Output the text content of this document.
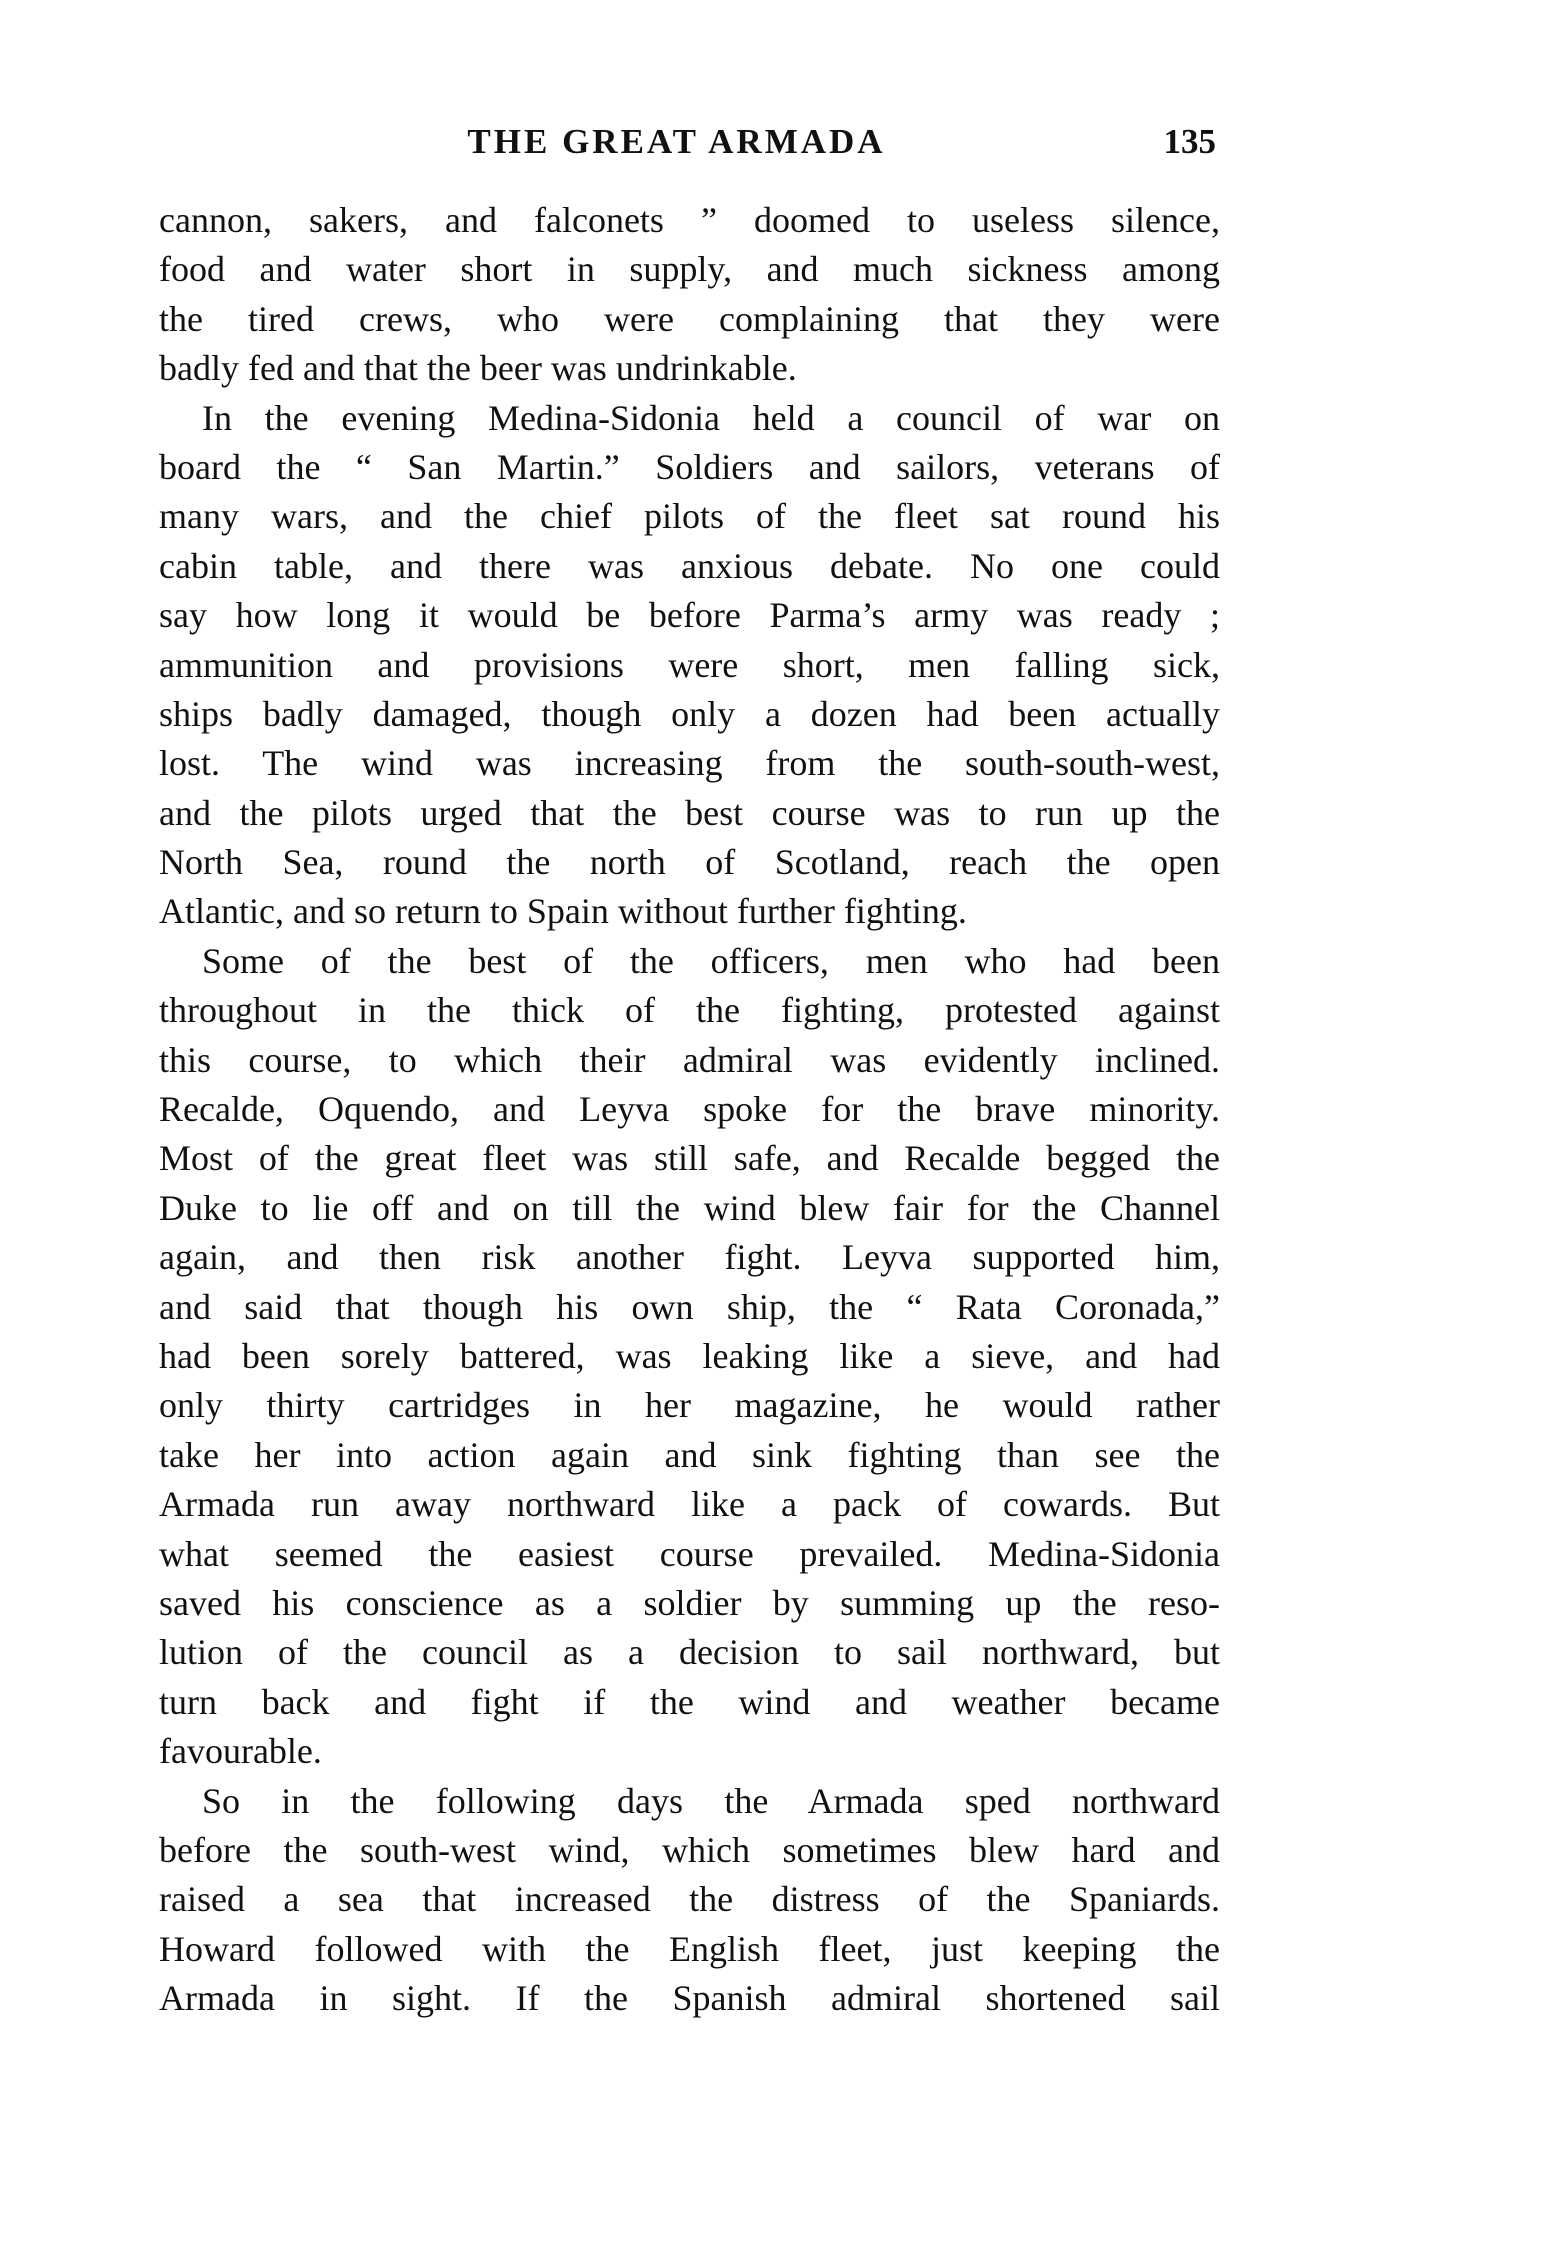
THE GREAT ARMADA	135
cannon, sakers, and falconets ” doomed to useless silence,
food and water short in supply, and much sickness among
the tired crews, who were complaining that they were
badly fed and that the beer was undrinkable.
In the evening Medina-Sidonia held a council of war on
board the “ San Martin.” Soldiers and sailors, veterans of
many wars, and the chief pilots of the fleet sat round his
cabin table, and there was anxious debate. No one could
say how long it would be before Parma’s army was ready ;
ammunition and provisions were short, men falling sick,
ships badly damaged, though only a dozen had been actually
lost. The wind was increasing from the south-south-west,
and the pilots urged that the best course was to run up the
North Sea, round the north of Scotland, reach the open
Atlantic, and so return to Spain without further fighting.
Some of the best of the officers, men who had been
throughout in the thick of the fighting, protested against
this course, to which their admiral was evidently inclined.
Recalde, Oquendo, and Leyva spoke for the brave minority.
Most of the great fleet was still safe, and Recalde begged the
Duke to lie off and on till the wind blew fair for the Channel
again, and then risk another fight. Leyva supported him,
and said that though his own ship, the “ Rata Coronada,”
had been sorely battered, was leaking like a sieve, and had
only thirty cartridges in her magazine, he would rather
take her into action again and sink fighting than see the
Armada run away northward like a pack of cowards. But
what seemed the easiest course prevailed. Medina-Sidonia
saved his conscience as a soldier by summing up the reso-
lution of the council as a decision to sail northward, but
turn back and fight if the wind and weather became
favourable.
So in the following days the Armada sped northward
before the south-west wind, which sometimes blew hard and
raised a sea that increased the distress of the Spaniards.
Howard followed with the English fleet, just keeping the
Armada in sight. If the Spanish admiral shortened sail
